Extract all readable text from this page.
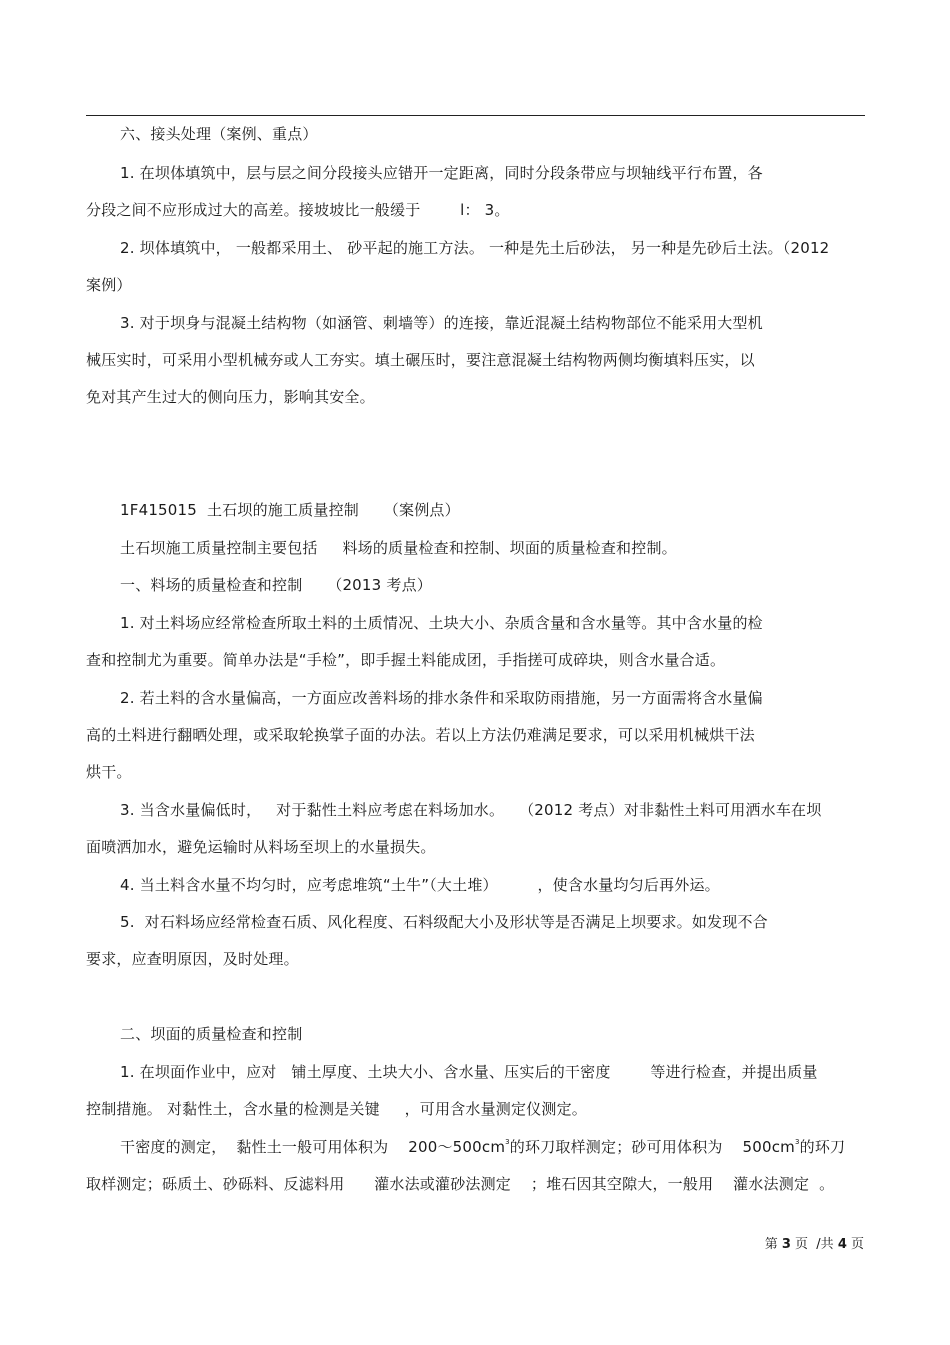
六、接头处理（案例、重点）
1. 在坝体填筑中，层与层之间分段接头应错开一定距离，同时分段条带应与坝轴线平行布置，各
分段之间不应形成过大的高差。接坡坡比一般缓于        l： 3。
2. 坝体填筑中， 一般都采用土、 砂平起的施工方法。 一种是先土后砂法， 另一种是先砂后土法。（2012
案例）
3. 对于坝身与混凝土结构物（如涵管、刺墙等）的连接，靠近混凝土结构物部位不能采用大型机
械压实时，可采用小型机械夯或人工夯实。填土碾压时，要注意混凝土结构物两侧均衡填料压实，以
免对其产生过大的侧向压力，影响其安全。
1F415015  土石坝的施工质量控制     （案例点）
土石坝施工质量控制主要包括     料场的质量检查和控制、坝面的质量检查和控制。
一、料场的质量检查和控制     （2013 考点）
1. 对土料场应经常检查所取土料的土质情况、土块大小、杂质含量和含水量等。其中含水量的检
查和控制尤为重要。简单办法是“手检”，即手握土料能成团，手指搓可成碎块，则含水量合适。
2. 若土料的含水量偏高，一方面应改善料场的排水条件和采取防雨措施，另一方面需将含水量偏
高的土料进行翻晒处理，或采取轮换掌子面的办法。若以上方法仍难满足要求，可以采用机械烘干法
烘干。
3. 当含水量偏低时，   对于黏性土料应考虑在料场加水。   （2012 考点）对非黏性土料可用洒水车在坝
面喷洒加水，避免运输时从料场至坝上的水量损失。
4. 当土料含水量不均匀时，应考虑堆筑“土牛”（大土堆）        ，使含水量均匀后再外运。
5.  对石料场应经常检查石质、风化程度、石料级配大小及形状等是否满足上坝要求。如发现不合
要求，应查明原因，及时处理。
二、坝面的质量检查和控制
1. 在坝面作业中，应对   铺土厚度、土块大小、含水量、压实后的干密度        等进行检查，并提出质量
控制措施。 对黏性土，含水量的检测是关键     ，可用含水量测定仪测定。
干密度的测定，  黏性土一般可用体积为    $200\sim 500cm^3$的环刀取样测定；砂可用体积为    $500cm^3$的环刀
取样测定；砾质土、砂砾料、反滤料用      灌水法或灌砂法测定    ；堆石因其空隙大，一般用    灌水法测定  。
第 3 页  /共 4 页
